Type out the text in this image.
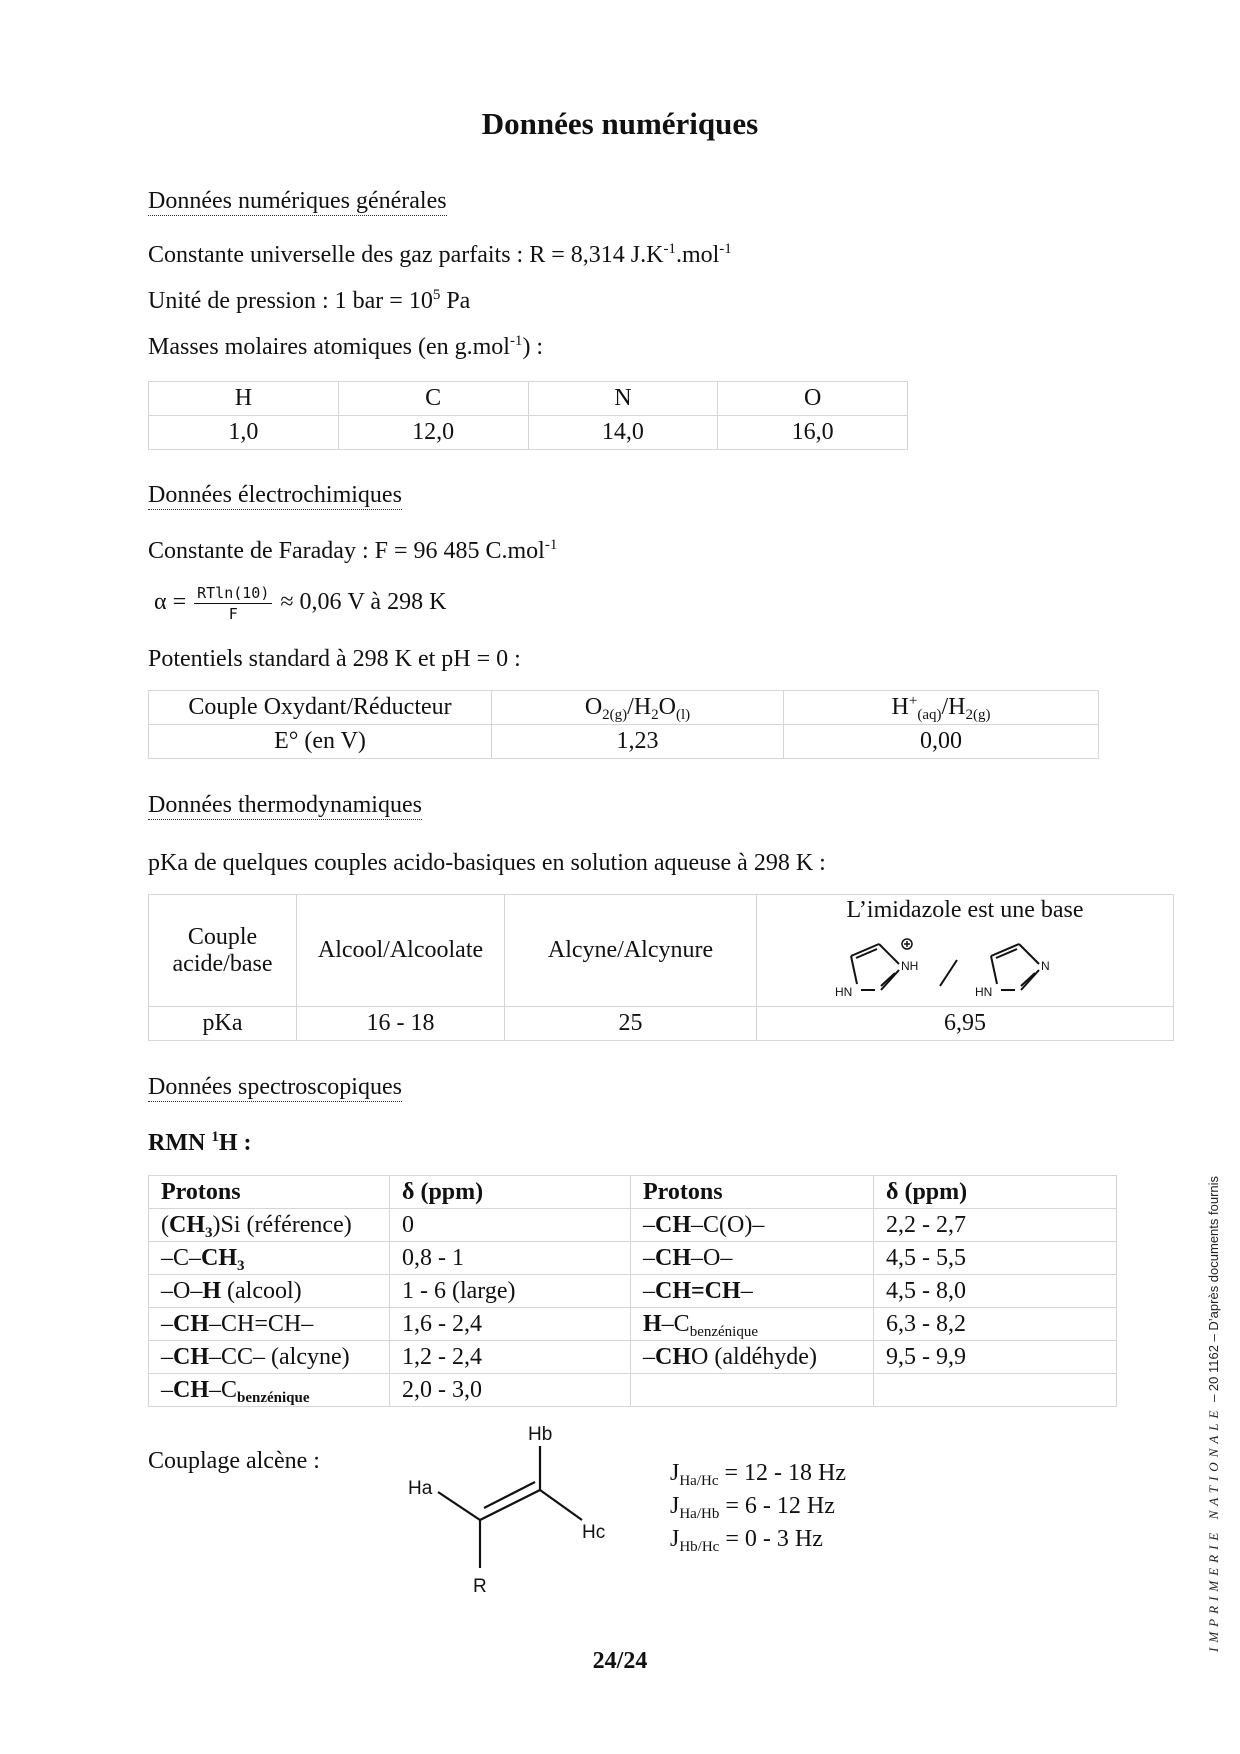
Données numériques
Données numériques générales
Constante universelle des gaz parfaits : R = 8,314 $J.K^{-1}.mol^{-1}$
Unité de pression : 1 bar = $10^5$ Pa
Masses molaires atomiques (en g.mol$^{-1}$) :
H	C	N	O
1,0	12,0	14,0	16,0
Données électrochimiques
Constante de Faraday : F = 96 485 C.mol$^{-1}$
$\alpha = \frac{RTln(10)}{F} \approx 0,06$ V à 298 K
Potentiels standard à 298 K et pH = 0 :
Couple Oxydant/Réducteur	$O_{2(g)}/H_2O_{(l)}$	$H^+_{(aq)}/H_{2(g)}$
E° (en V)	1,23	0,00
Données thermodynamiques
pKa de quelques couples acido-basiques en solution aqueuse à 298 K :
Couple
acide/base	Alcool/Alcoolate	Alcyne/Alcynure	L’imidazole est une base
HN
NH
HN
N

pKa	16 - 18	25	6,95
Données spectroscopiques
RMN $^1$H :
Protons	δ (ppm)	Protons	δ (ppm)
$(CH_3)Si$ (référence)	0	–CH–C(O)–	2,2 - 2,7
$-C-CH_3$	0,8 - 1	–CH–O–	4,5 - 5,5
–O–H (alcool)	1 - 6 (large)	–CH=CH–	4,5 - 8,0
–CH–CH=CH–	1,6 - 2,4	$H-C_{benzénique}$	6,3 - 8,2
–CH–CC– (alcyne)	1,2 - 2,4	–CHO (aldéhyde)	9,5 - 9,9
$-CH-C_{benzénique}$	2,0 - 3,0		
Couplage alcène :
Hb
Ha
Hc
R
$J_{Ha/Hc} = 12 - 18$ Hz
$J_{Ha/Hb} = 6 - 12$ Hz
$J_{Hb/Hc} = 0 - 3$ Hz
24/24
IMPRIMERIE NATIONALE – 20 1162 – D’après documents fournis
